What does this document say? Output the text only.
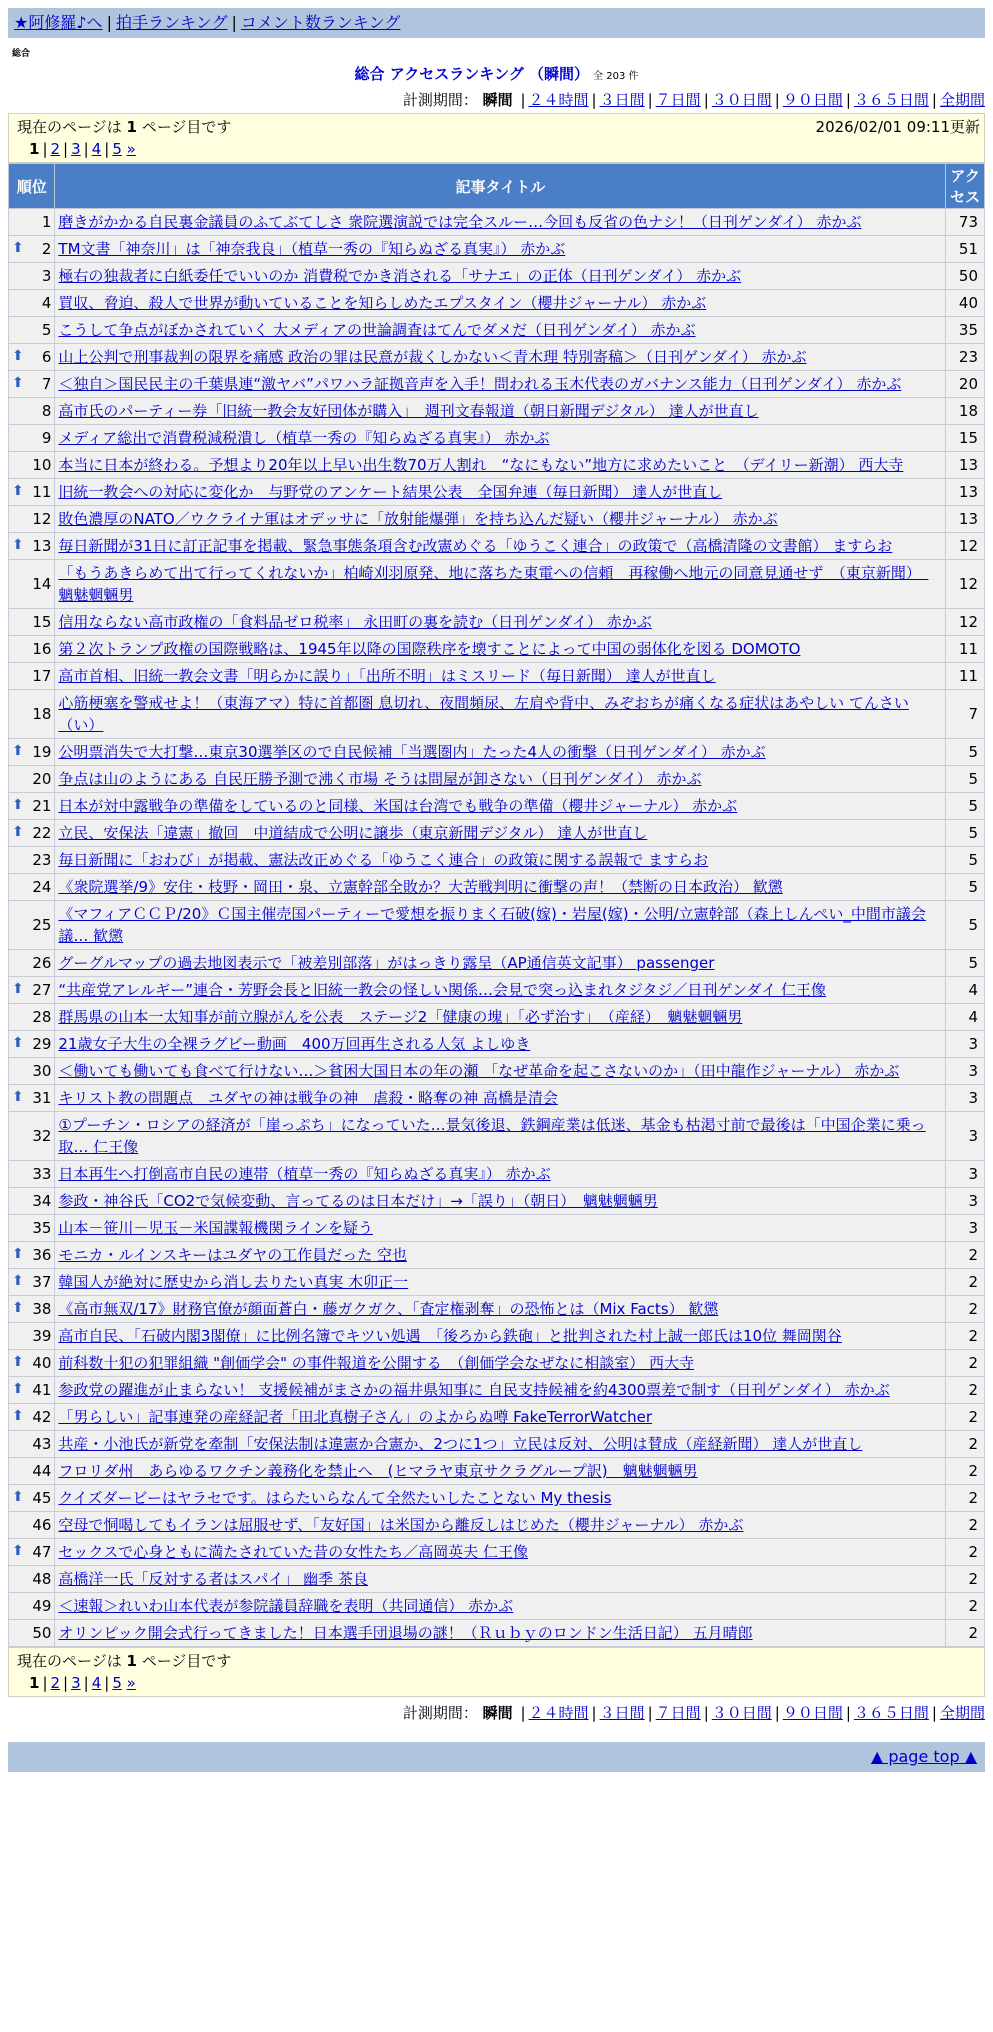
★阿修羅♪へ | 拍手ランキング | コメント数ランキング
総合
総合 アクセスランキング （瞬間） 全 203 件
計測期間： 瞬間 | ２４時間 | ３日間 | ７日間 | ３０日間 | ９０日間 | ３６５日間 | 全期間
現在のページは 1 ページ目です	2026/02/01 09:11更新
1 | 2 | 3 | 4 | 5 »
順位	記事タイトル	アクセス
1	磨きがかかる自民裏金議員のふてぶてしさ 衆院選演説では完全スルー…今回も反省の色ナシ！（日刊ゲンダイ） 赤かぶ	73

⬆ 2	TM文書「神奈川」は「神奈我良」（植草一秀の『知らぬざる真実』） 赤かぶ	51
3	極右の独裁者に白紙委任でいいのか 消費税でかき消される「サナエ」の正体（日刊ゲンダイ） 赤かぶ	50
4	買収、脅迫、殺人で世界が動いていることを知らしめたエプスタイン（櫻井ジャーナル） 赤かぶ	40
5	こうして争点がぼかされていく 大メディアの世論調査はてんでダメだ（日刊ゲンダイ） 赤かぶ	35

⬆ 6	山上公判で刑事裁判の限界を痛感 政治の罪は民意が裁くしかない＜青木理 特別寄稿＞（日刊ゲンダイ） 赤かぶ	23

⬆ 7	＜独自＞国民民主の千葉県連“激ヤバ”パワハラ証拠音声を入手！問われる玉木代表のガバナンス能力（日刊ゲンダイ） 赤かぶ	20
8	高市氏のパーティー券「旧統一教会友好団体が購入」　週刊文春報道（朝日新聞デジタル） 達人が世直し	18
9	メディア総出で消費税減税潰し（植草一秀の『知らぬざる真実』） 赤かぶ	15
10	本当に日本が終わる。予想より20年以上早い出生数70万人割れ　“なにもない”地方に求めたいこと　（デイリー新潮） 西大寺	13

⬆ 11	旧統一教会への対応に変化か　与野党のアンケート結果公表　全国弁連（毎日新聞） 達人が世直し	13
12	敗色濃厚のNATO／ウクライナ軍はオデッサに「放射能爆弾」を持ち込んだ疑い（櫻井ジャーナル） 赤かぶ	13

⬆ 13	毎日新聞が31日に訂正記事を掲載、緊急事態条項含む改憲めぐる「ゆうこく連合」の政策で（高橋清隆の文書館） ますらお	12
14	「もうあきらめて出て行ってくれないか」柏崎刈羽原発、地に落ちた東電への信頼　再稼働へ地元の同意見通せず　（東京新聞）　魑魅魍魎男	12
15	信用ならない高市政権の「食料品ゼロ税率」 永田町の裏を読む（日刊ゲンダイ） 赤かぶ	12
16	第２次トランプ政権の国際戦略は、1945年以降の国際秩序を壊すことによって中国の弱体化を図る DOMOTO	11
17	高市首相、旧統一教会文書「明らかに誤り」「出所不明」はミスリード（毎日新聞） 達人が世直し	11
18	心筋梗塞を警戒せよ！（東海アマ）特に首都圏 息切れ、夜間頻尿、左肩や背中、みぞおちが痛くなる症状はあやしい てんさい（い）	7

⬆ 19	公明票消失で大打撃…東京30選挙区ので自民候補「当選圏内」たった4人の衝撃（日刊ゲンダイ） 赤かぶ	5
20	争点は山のようにある 自民圧勝予測で沸く市場 そうは問屋が卸さない（日刊ゲンダイ） 赤かぶ	5

⬆ 21	日本が対中露戦争の準備をしているのと同様、米国は台湾でも戦争の準備（櫻井ジャーナル） 赤かぶ	5

⬆ 22	立民、安保法「違憲」撤回　中道結成で公明に譲歩（東京新聞デジタル） 達人が世直し	5
23	毎日新聞に「おわび」が掲載、憲法改正めぐる「ゆうこく連合」の政策に関する誤報で ますらお	5
24	《衆院選挙/9》安住・枝野・岡田・泉、立憲幹部全敗か？大苦戦判明に衝撃の声！（禁断の日本政治） 歓懲	5
25	《マフィアＣＣＰ/20》Ｃ国主催売国パーティーで愛想を振りまく石破(嫁)・岩屋(嫁)・公明/立憲幹部（森上しんぺい_中間市議会議… 歓懲	5
26	グーグルマップの過去地図表示で「被差別部落」がはっきり露呈（AP通信英文記事） passenger	5

⬆ 27	“共産党アレルギー”連合・芳野会長と旧統一教会の怪しい関係…会見で突っ込まれタジタジ／日刊ゲンダイ 仁王像	4
28	群馬県の山本一太知事が前立腺がんを公表　ステージ2「健康の塊」「必ず治す」　（産経）　魑魅魍魎男	4

⬆ 29	21歳女子大生の全裸ラグビー動画　400万回再生される人気 よしゆき	3
30	＜働いても働いても食べて行けない…＞貧困大国日本の年の瀬 「なぜ革命を起こさないのか」（田中龍作ジャーナル） 赤かぶ	3

⬆ 31	キリスト教の問題点　ユダヤの神は戦争の神　虐殺・略奪の神 高橋是清会	3
32	①プーチン・ロシアの経済が「崖っぷち」になっていた…景気後退、鉄鋼産業は低迷、基金も枯渇寸前で最後は「中国企業に乗っ取… 仁王像	3
33	日本再生へ打倒高市自民の連帯（植草一秀の『知らぬざる真実』） 赤かぶ	3
34	参政・神谷氏「CO2で気候変動、言ってるのは日本だけ」→「誤り」（朝日）　魑魅魍魎男	3
35	山本－笹川－児玉－米国諜報機関ラインを疑う	3

⬆ 36	モニカ・ルインスキーはユダヤの工作員だった 空也	2

⬆ 37	韓国人が絶対に歴史から消し去りたい真実 木卯正一	2

⬆ 38	《高市無双/17》財務官僚が顔面蒼白・藤ガクガク、「査定権剥奪」の恐怖とは（Mix Facts） 歓懲	2
39	高市自民、「石破内閣3閣僚」に比例名簿でキツい処遇　「後ろから鉄砲」と批判された村上誠一郎氏は10位 舞岡関谷	2

⬆ 40	前科数十犯の犯罪組織 "創価学会" の事件報道を公開する　（創価学会なぜなに相談室） 西大寺	2

⬆ 41	参政党の躍進が止まらない！ 支援候補がまさかの福井県知事に 自民支持候補を約4300票差で制す（日刊ゲンダイ） 赤かぶ	2

⬆ 42	「男らしい」記事連発の産経記者「田北真樹子さん」のよからぬ噂 FakeTerrorWatcher	2
43	共産・小池氏が新党を牽制「安保法制は違憲か合憲か、2つに1つ」立民は反対、公明は賛成（産経新聞） 達人が世直し	2
44	フロリダ州　あらゆるワクチン義務化を禁止へ　(ヒマラヤ東京サクラグループ訳)　魑魅魍魎男	2

⬆ 45	クイズダービーはヤラセです。はらたいらなんて全然たいしたことない My thesis	2
46	空母で恫喝してもイランは屈服せず、「友好国」は米国から離反しはじめた（櫻井ジャーナル） 赤かぶ	2

⬆ 47	セックスで心身ともに満たされていた昔の女性たち／高岡英夫 仁王像	2
48	高橋洋一氏「反対する者はスパイ」 幽季 茶良	2
49	＜速報＞れいわ山本代表が参院議員辞職を表明（共同通信） 赤かぶ	2
50	オリンピック開会式行ってきました！日本選手団退場の謎！（Ｒｕｂｙのロンドン生活日記） 五月晴郎	2
現在のページは 1 ページ目です
1 | 2 | 3 | 4 | 5 »
計測期間： 瞬間 | ２４時間 | ３日間 | ７日間 | ３０日間 | ９０日間 | ３６５日間 | 全期間
▲ page top ▲
